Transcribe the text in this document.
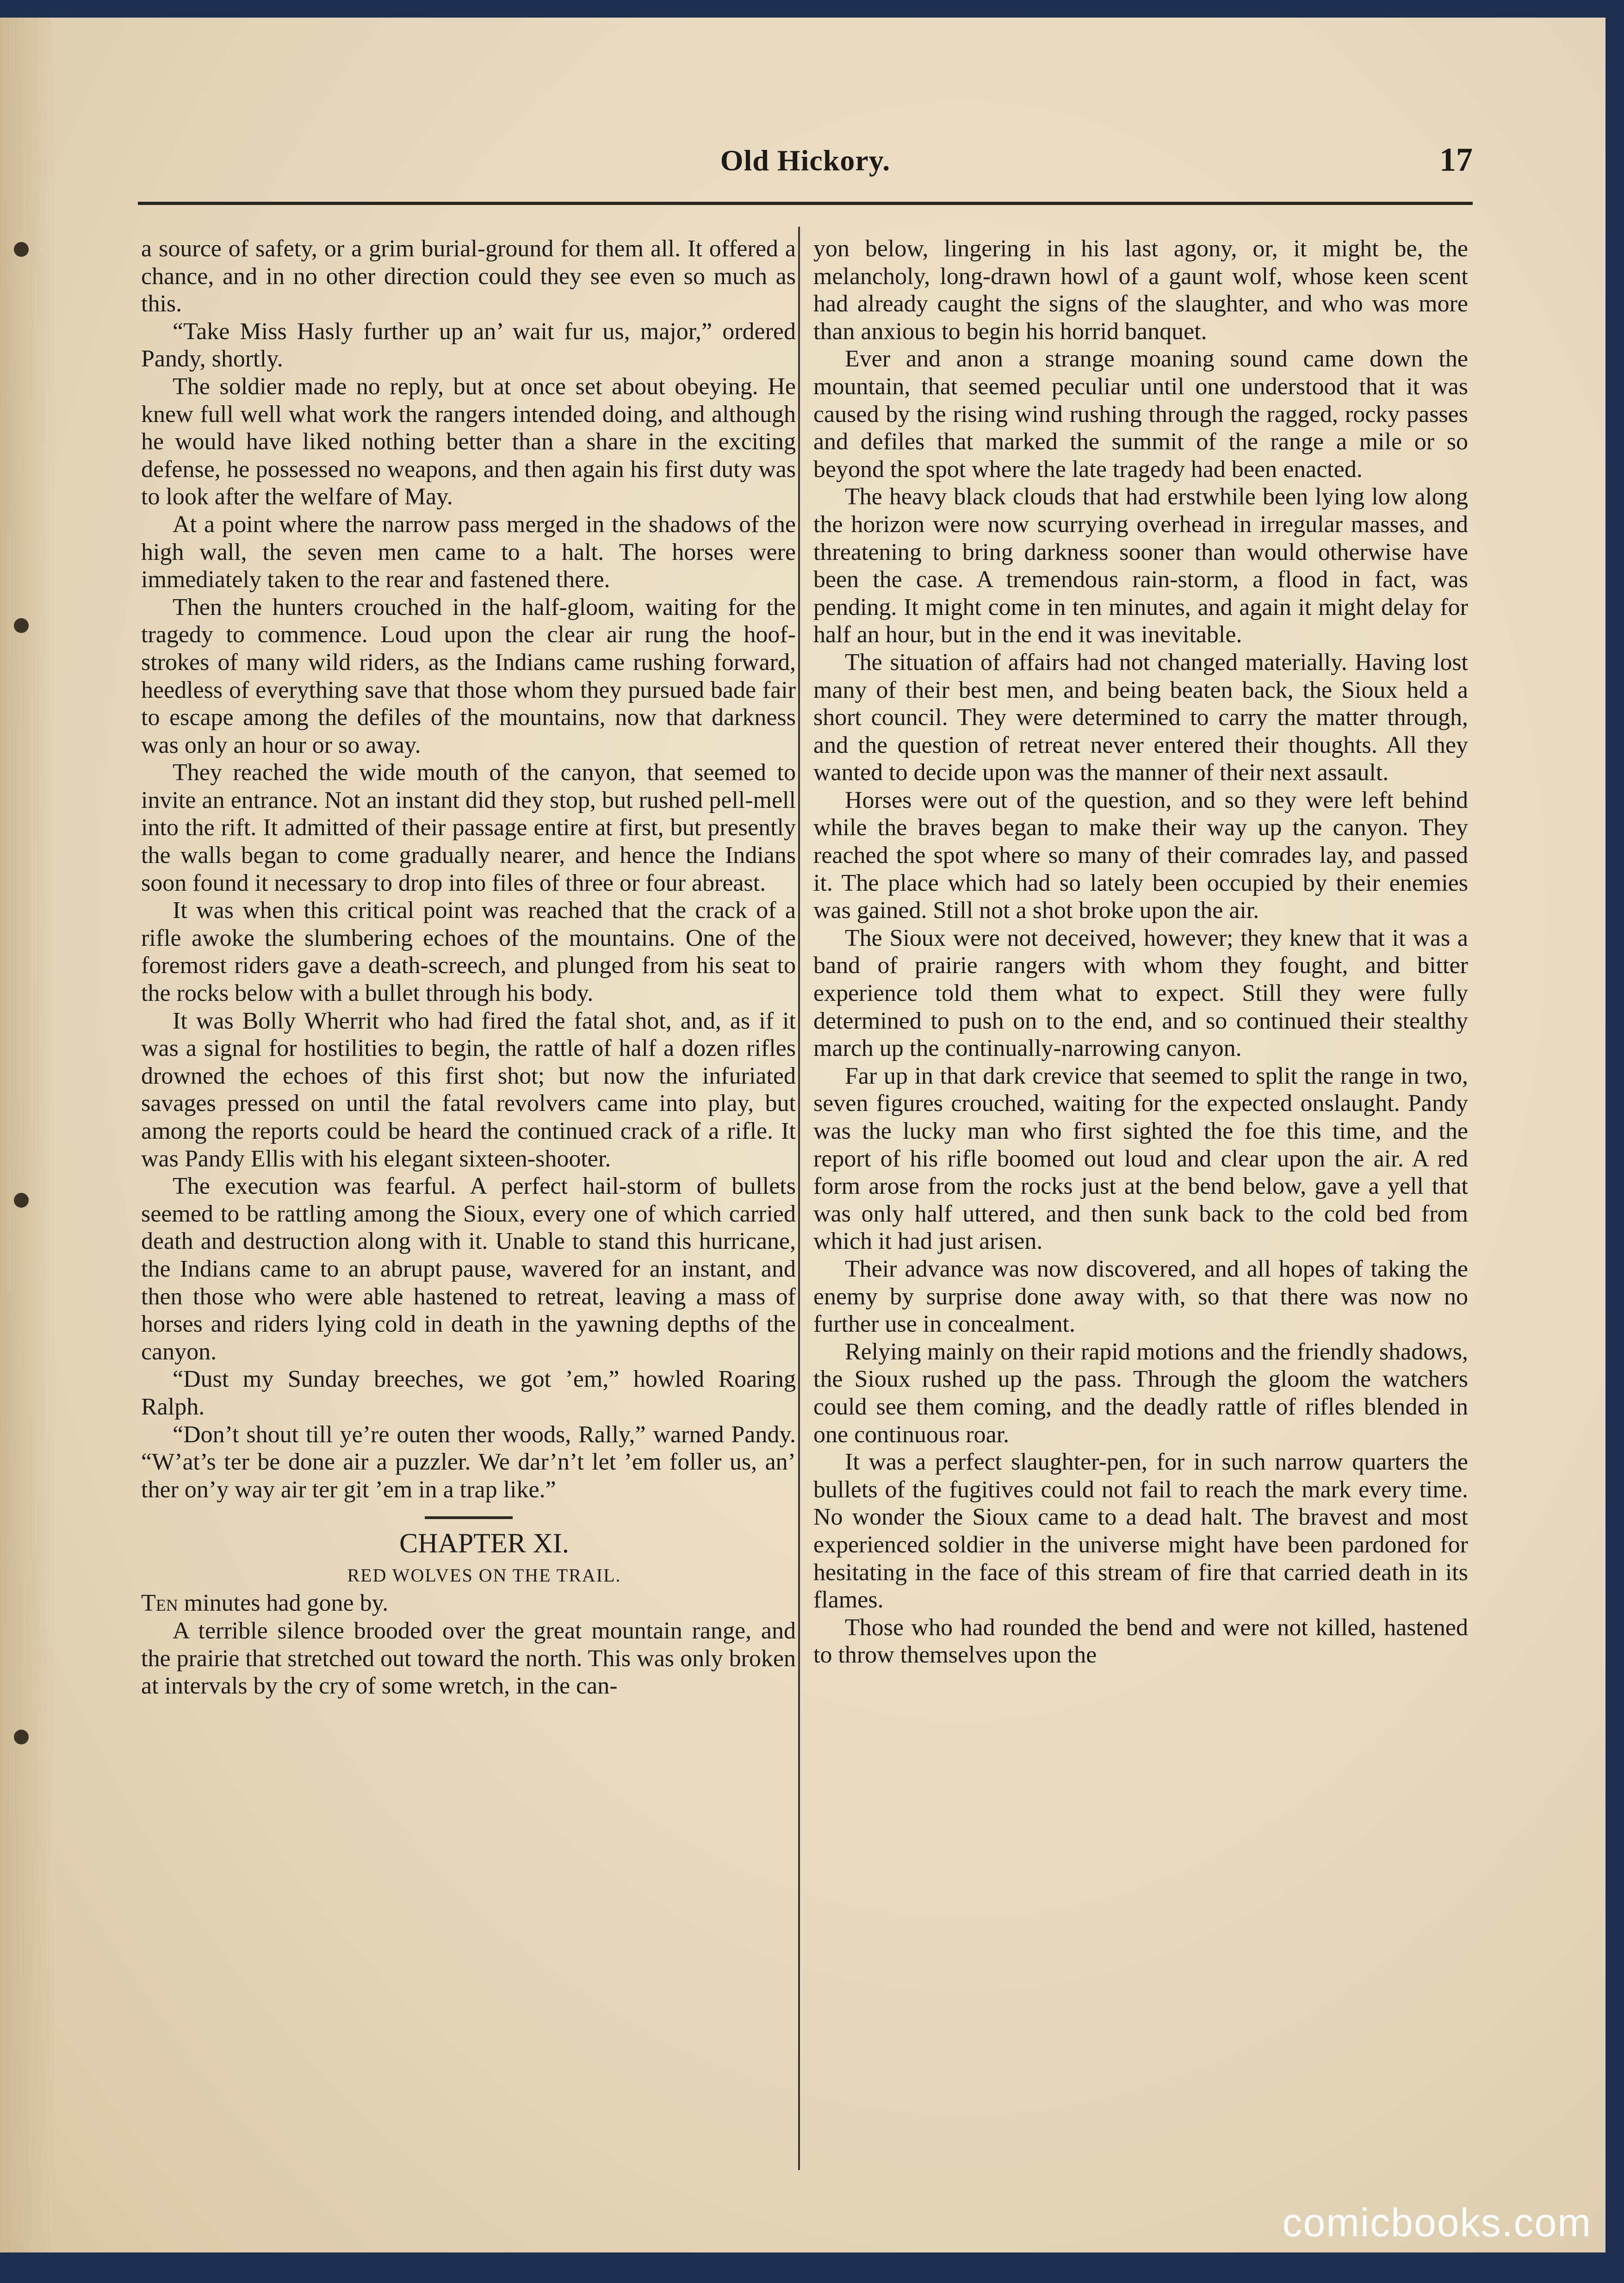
Old Hickory.	17

a source of safety, or a grim burial-ground for them all. It offered a chance, and in no other direction could they see even so much as this.

“Take Miss Hasly further up an’ wait fur us, major,” ordered Pandy, shortly.

The soldier made no reply, but at once set about obeying. He knew full well what work the rangers intended doing, and although he would have liked nothing better than a share in the exciting defense, he possessed no weapons, and then again his first duty was to look after the welfare of May.

At a point where the narrow pass merged in the shadows of the high wall, the seven men came to a halt. The horses were immediately taken to the rear and fastened there.

Then the hunters crouched in the half-gloom, waiting for the tragedy to commence. Loud upon the clear air rung the hoof-strokes of many wild riders, as the Indians came rushing forward, heedless of everything save that those whom they pursued bade fair to escape among the defiles of the mountains, now that darkness was only an hour or so away.

They reached the wide mouth of the canyon, that seemed to invite an entrance. Not an instant did they stop, but rushed pell-mell into the rift. It admitted of their passage entire at first, but presently the walls began to come gradually nearer, and hence the Indians soon found it necessary to drop into files of three or four abreast.

It was when this critical point was reached that the crack of a rifle awoke the slumbering echoes of the mountains. One of the foremost riders gave a death-screech, and plunged from his seat to the rocks below with a bullet through his body.

It was Bolly Wherrit who had fired the fatal shot, and, as if it was a signal for hostilities to begin, the rattle of half a dozen rifles drowned the echoes of this first shot; but now the infuriated savages pressed on until the fatal revolvers came into play, but among the reports could be heard the continued crack of a rifle. It was Pandy Ellis with his elegant sixteen-shooter.

The execution was fearful. A perfect hail-storm of bullets seemed to be rattling among the Sioux, every one of which carried death and destruction along with it. Unable to stand this hurricane, the Indians came to an abrupt pause, wavered for an instant, and then those who were able hastened to retreat, leaving a mass of horses and riders lying cold in death in the yawning depths of the canyon.

“Dust my Sunday breeches, we got ’em,” howled Roaring Ralph.

“Don’t shout till ye’re outen ther woods, Rally,” warned Pandy. “W’at’s ter be done air a puzzler. We dar’n’t let ’em foller us, an’ ther on’y way air ter git ’em in a trap like.”

CHAPTER XI.

RED WOLVES ON THE TRAIL.

Ten minutes had gone by.

A terrible silence brooded over the great mountain range, and the prairie that stretched out toward the north. This was only broken at intervals by the cry of some wretch, in the can-

yon below, lingering in his last agony, or, it might be, the melancholy, long-drawn howl of a gaunt wolf, whose keen scent had already caught the signs of the slaughter, and who was more than anxious to begin his horrid banquet.

Ever and anon a strange moaning sound came down the mountain, that seemed peculiar until one understood that it was caused by the rising wind rushing through the ragged, rocky passes and defiles that marked the summit of the range a mile or so beyond the spot where the late tragedy had been enacted.

The heavy black clouds that had erstwhile been lying low along the horizon were now scurrying overhead in irregular masses, and threatening to bring darkness sooner than would otherwise have been the case. A tremendous rain-storm, a flood in fact, was pending. It might come in ten minutes, and again it might delay for half an hour, but in the end it was inevitable.

The situation of affairs had not changed materially. Having lost many of their best men, and being beaten back, the Sioux held a short council. They were determined to carry the matter through, and the question of retreat never entered their thoughts. All they wanted to decide upon was the manner of their next assault.

Horses were out of the question, and so they were left behind while the braves began to make their way up the canyon. They reached the spot where so many of their comrades lay, and passed it. The place which had so lately been occupied by their enemies was gained. Still not a shot broke upon the air.

The Sioux were not deceived, however; they knew that it was a band of prairie rangers with whom they fought, and bitter experience told them what to expect. Still they were fully determined to push on to the end, and so continued their stealthy march up the continually-narrowing canyon.

Far up in that dark crevice that seemed to split the range in two, seven figures crouched, waiting for the expected onslaught. Pandy was the lucky man who first sighted the foe this time, and the report of his rifle boomed out loud and clear upon the air. A red form arose from the rocks just at the bend below, gave a yell that was only half uttered, and then sunk back to the cold bed from which it had just arisen.

Their advance was now discovered, and all hopes of taking the enemy by surprise done away with, so that there was now no further use in concealment.

Relying mainly on their rapid motions and the friendly shadows, the Sioux rushed up the pass. Through the gloom the watchers could see them coming, and the deadly rattle of rifles blended in one continuous roar.

It was a perfect slaughter-pen, for in such narrow quarters the bullets of the fugitives could not fail to reach the mark every time. No wonder the Sioux came to a dead halt. The bravest and most experienced soldier in the universe might have been pardoned for hesitating in the face of this stream of fire that carried death in its flames.

Those who had rounded the bend and were not killed, hastened to throw themselves upon the

comicbooks.com
